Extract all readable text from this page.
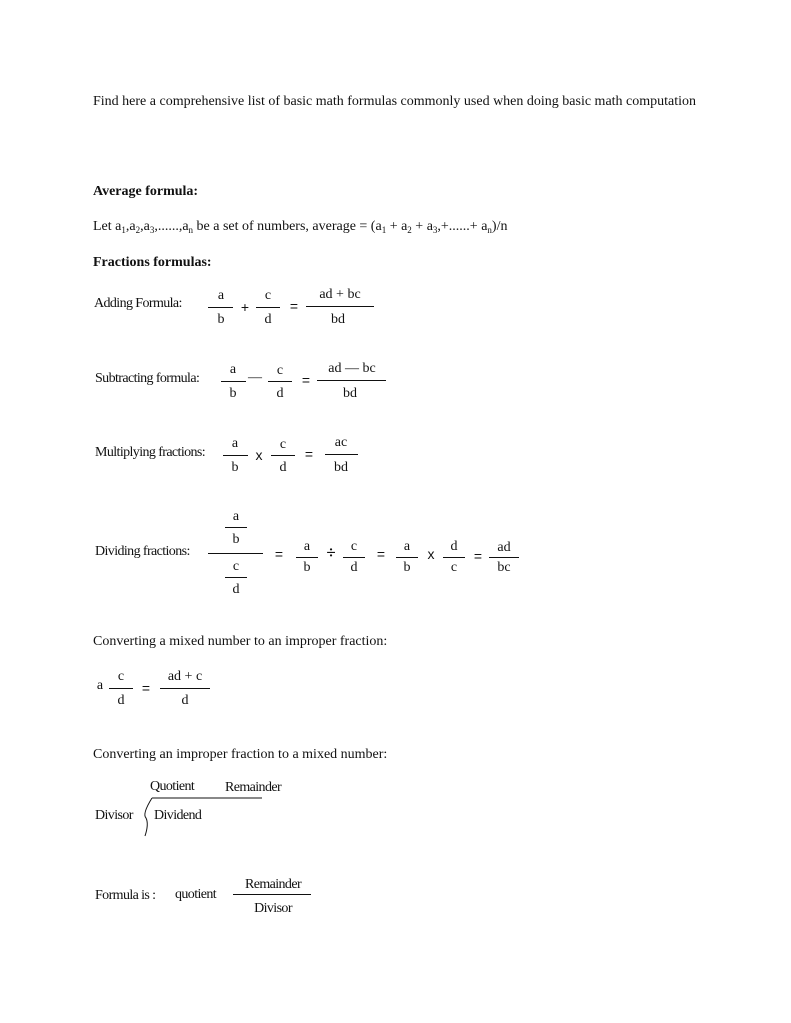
Find here a comprehensive list of basic math formulas commonly used when doing basic math computation
Average formula:
Let $a_1,a_2,a_3,......,a_n$ be a set of numbers, average = $(a_1 + a_2 + a_3,+......+ a_n)/n$
Fractions formulas:
Adding Formula:
a
b
+
c
d
=
ad + bc
bd
Subtracting formula:
a
b
— c
d
=
ad — bc
bd
Multiplying fractions:
a
b
x
c
d
=
ac
bd
Dividing fractions:
a
b
c
d
= a
b
÷ c
d
= a
b
x d
c
=
ad
bc
Converting a mixed number to an improper fraction:
a
c
d
=
ad + c
d
Converting an improper fraction to a mixed number:
Quotient Remainder
Divisor Dividend
Formula is : quotient
Remainder
Divisor
